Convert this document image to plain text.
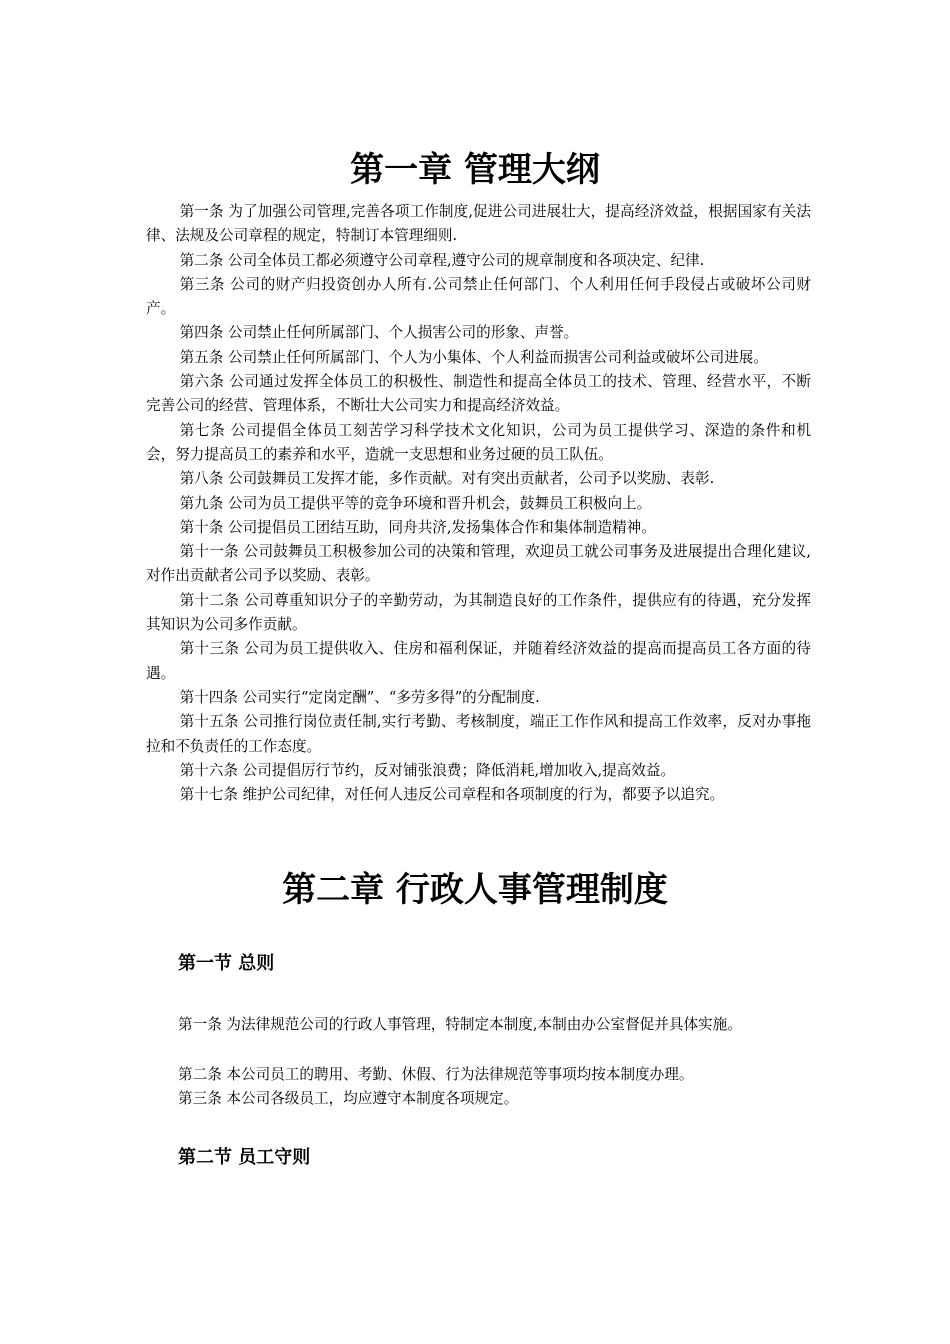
第一章 管理大纲

第一条 为了加强公司管理,完善各项工作制度,促进公司进展壮大，提高经济效益，根据国家有关法律、法规及公司章程的规定，特制订本管理细则.

第二条 公司全体员工都必须遵守公司章程,遵守公司的规章制度和各项决定、纪律.

第三条 公司的财产归投资创办人所有.公司禁止任何部门、个人利用任何手段侵占或破坏公司财产。

第四条 公司禁止任何所属部门、个人损害公司的形象、声誉。

第五条 公司禁止任何所属部门、个人为小集体、个人利益而损害公司利益或破坏公司进展。

第六条 公司通过发挥全体员工的积极性、制造性和提高全体员工的技术、管理、经营水平，不断完善公司的经营、管理体系，不断壮大公司实力和提高经济效益。

第七条 公司提倡全体员工刻苦学习科学技术文化知识，公司为员工提供学习、深造的条件和机会，努力提高员工的素养和水平，造就一支思想和业务过硬的员工队伍。

第八条 公司鼓舞员工发挥才能，多作贡献。对有突出贡献者，公司予以奖励、表彰.

第九条 公司为员工提供平等的竞争环境和晋升机会，鼓舞员工积极向上。

第十条 公司提倡员工团结互助，同舟共济,发扬集体合作和集体制造精神。

第十一条 公司鼓舞员工积极参加公司的决策和管理，欢迎员工就公司事务及进展提出合理化建议,对作出贡献者公司予以奖励、表彰。

第十二条 公司尊重知识分子的辛勤劳动，为其制造良好的工作条件，提供应有的待遇，充分发挥其知识为公司多作贡献。

第十三条 公司为员工提供收入、住房和福利保证，并随着经济效益的提高而提高员工各方面的待遇。

第十四条 公司实行“定岗定酬”、“多劳多得”的分配制度.

第十五条 公司推行岗位责任制,实行考勤、考核制度，端正工作作风和提高工作效率，反对办事拖拉和不负责任的工作态度。

第十六条 公司提倡厉行节约，反对铺张浪费；降低消耗,增加收入,提高效益。

第十七条 维护公司纪律，对任何人违反公司章程和各项制度的行为，都要予以追究。

第二章 行政人事管理制度
第一节 总则

第一条 为法律规范公司的行政人事管理，特制定本制度,本制由办公室督促并具体实施。

第二条 本公司员工的聘用、考勤、休假、行为法律规范等事项均按本制度办理。

第三条 本公司各级员工，均应遵守本制度各项规定。

第二节 员工守则
